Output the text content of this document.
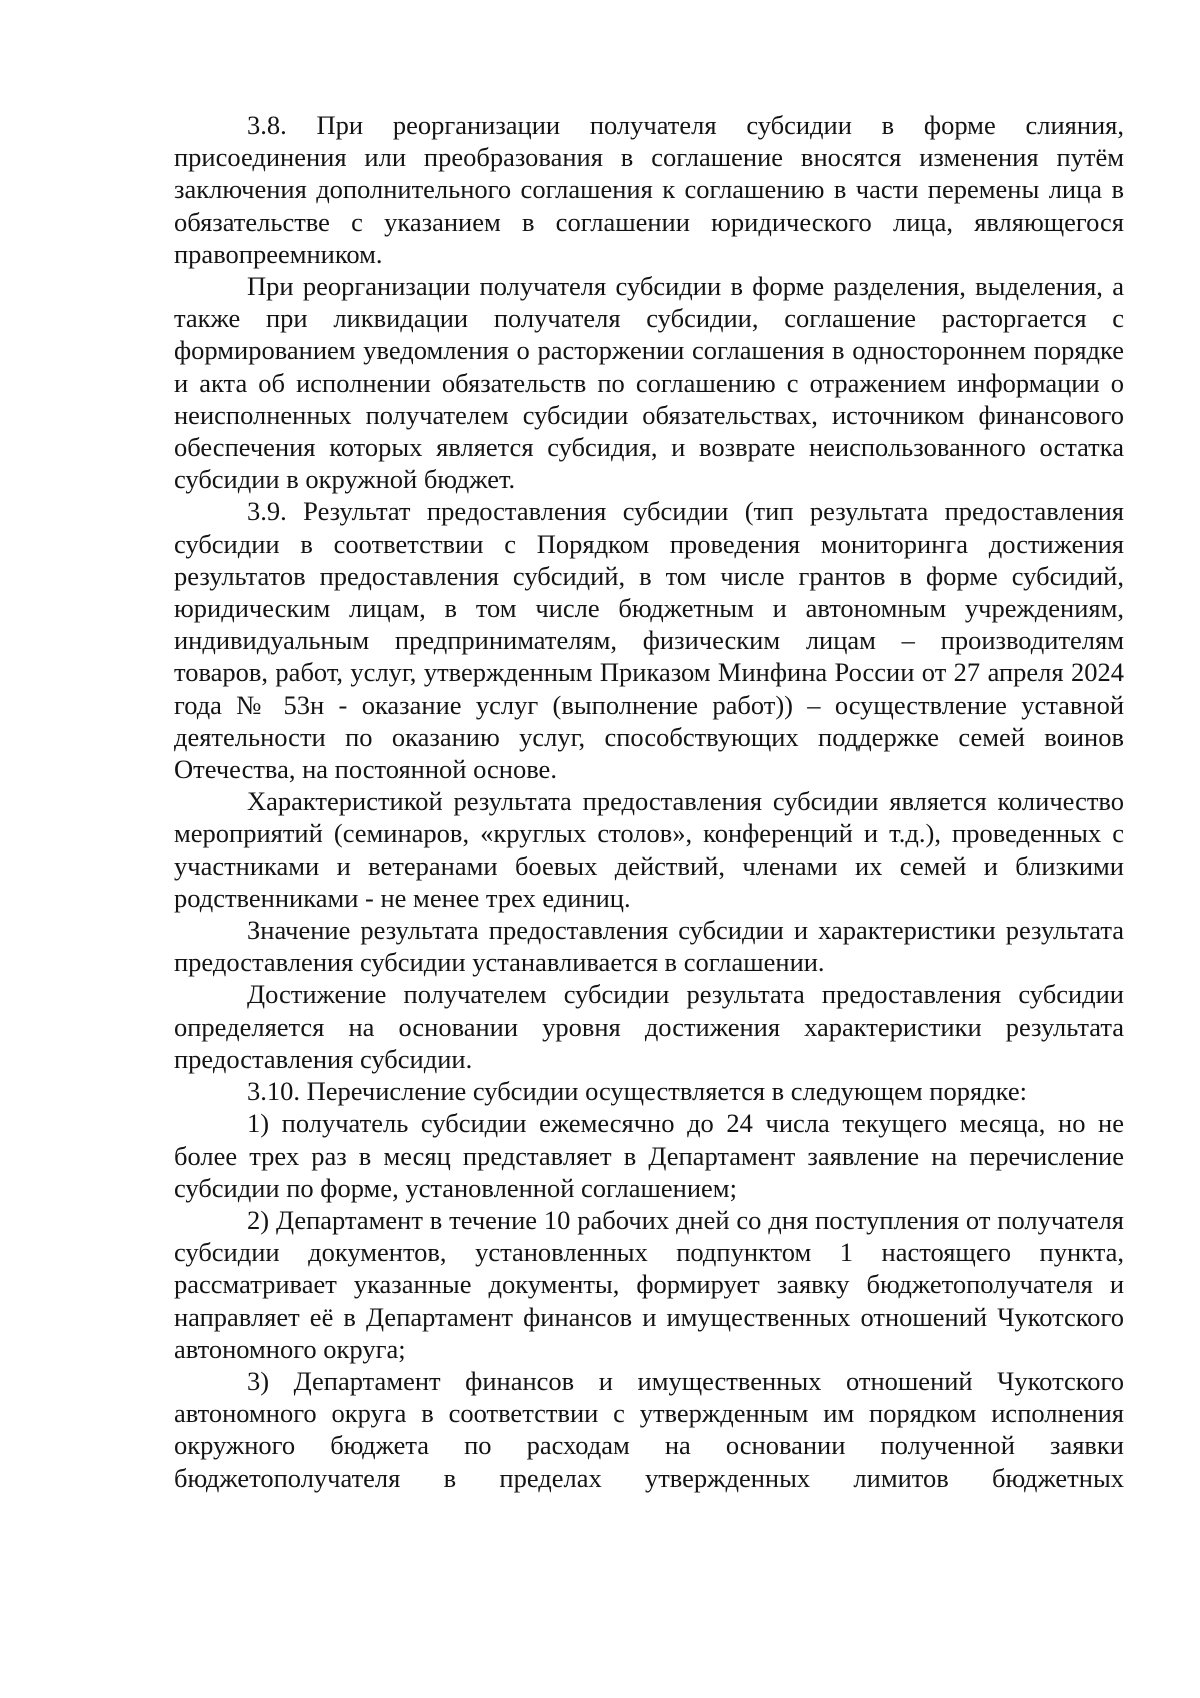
3.8. При реорганизации получателя субсидии в форме слияния, присоединения или преобразования в соглашение вносятся изменения путём заключения дополнительного соглашения к соглашению в части перемены лица в обязательстве с указанием в соглашении юридического лица, являющегося правопреемником.

При реорганизации получателя субсидии в форме разделения, выделения, а также при ликвидации получателя субсидии, соглашение расторгается с формированием уведомления о расторжении соглашения в одностороннем порядке и акта об исполнении обязательств по соглашению с отражением информации о неисполненных получателем субсидии обязательствах, источником финансового обеспечения которых является субсидия, и возврате неиспользованного остатка субсидии в окружной бюджет.

3.9. Результат предоставления субсидии (тип результата предоставления субсидии в соответствии с Порядком проведения мониторинга достижения результатов предоставления субсидий, в том числе грантов в форме субсидий, юридическим лицам, в том числе бюджетным и автономным учреждениям, индивидуальным предпринимателям, физическим лицам – производителям товаров, работ, услуг, утвержденным Приказом Минфина России от 27 апреля 2024 года № 53н - оказание услуг (выполнение работ)) – осуществление уставной деятельности по оказанию услуг, способствующих поддержке семей воинов Отечества, на постоянной основе.

Характеристикой результата предоставления субсидии является количество мероприятий (семинаров, «круглых столов», конференций и т.д.), проведенных с участниками и ветеранами боевых действий, членами их семей и близкими родственниками - не менее трех единиц.

Значение результата предоставления субсидии и характеристики результата предоставления субсидии устанавливается в соглашении.

Достижение получателем субсидии результата предоставления субсидии определяется на основании уровня достижения характеристики результата предоставления субсидии.

3.10. Перечисление субсидии осуществляется в следующем порядке:

1) получатель субсидии ежемесячно до 24 числа текущего месяца, но не более трех раз в месяц представляет в Департамент заявление на перечисление субсидии по форме, установленной соглашением;

2) Департамент в течение 10 рабочих дней со дня поступления от получателя субсидии документов, установленных подпунктом 1 настоящего пункта, рассматривает указанные документы, формирует заявку бюджетополучателя и направляет её в Департамент финансов и имущественных отношений Чукотского автономного округа;

3) Департамент финансов и имущественных отношений Чукотского автономного округа в соответствии с утвержденным им порядком исполнения окружного бюджета по расходам на основании полученной заявки бюджетополучателя в пределах утвержденных лимитов бюджетных
